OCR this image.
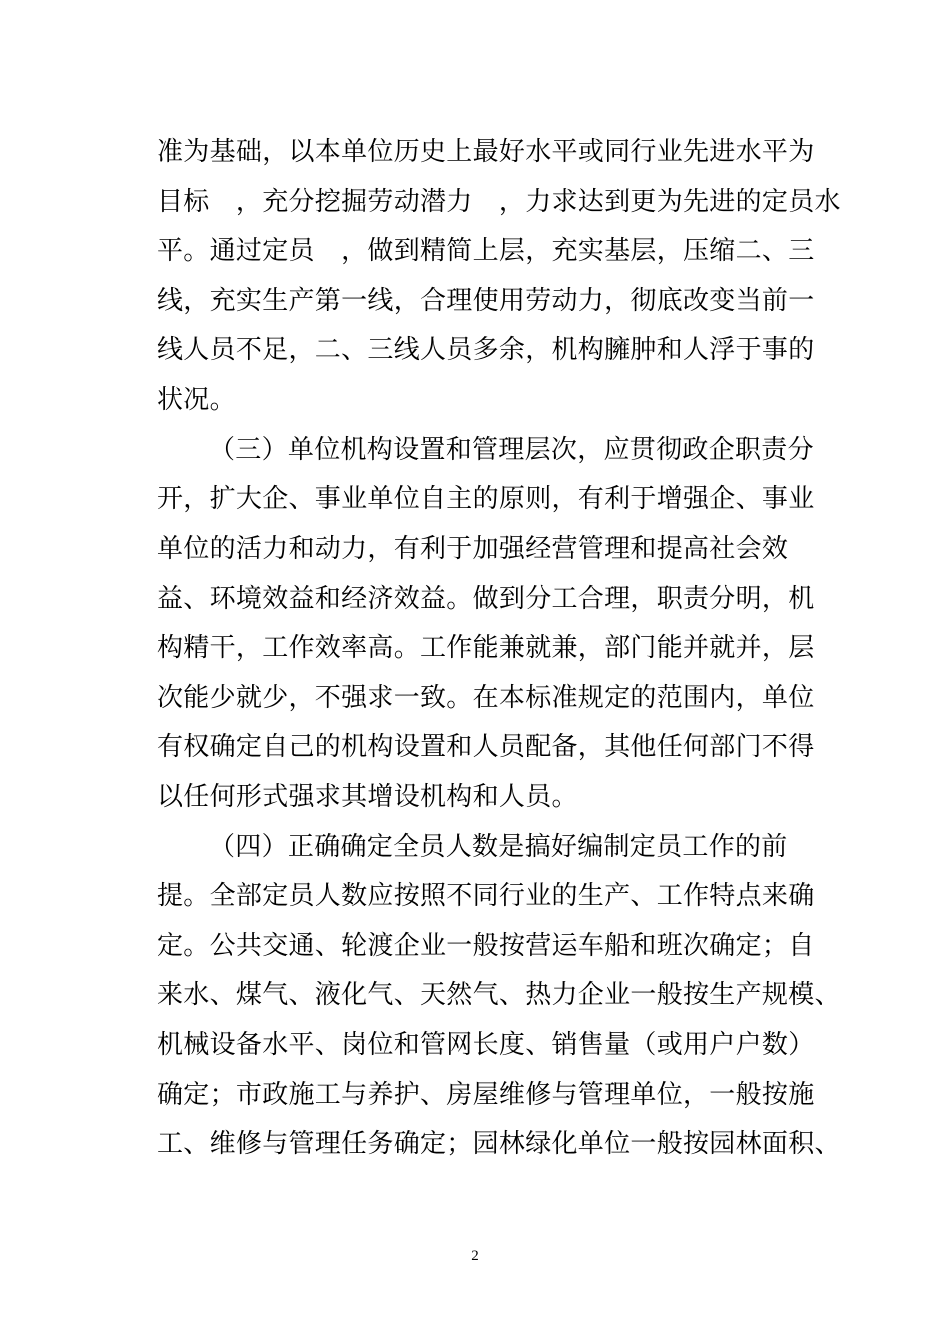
准为基础，以本单位历史上最好水平或同行业先进水平为
目标　，充分挖掘劳动潜力　，力求达到更为先进的定员水
平。通过定员　，做到精简上层，充实基层，压缩二、三
线，充实生产第一线，合理使用劳动力，彻底改变当前一
线人员不足，二、三线人员多余，机构臃肿和人浮于事的
状况。
（三）单位机构设置和管理层次，应贯彻政企职责分
开，扩大企、事业单位自主的原则，有利于增强企、事业
单位的活力和动力，有利于加强经营管理和提高社会效
益、环境效益和经济效益。做到分工合理，职责分明，机
构精干，工作效率高。工作能兼就兼，部门能并就并，层
次能少就少，不强求一致。在本标准规定的范围内，单位
有权确定自己的机构设置和人员配备，其他任何部门不得
以任何形式强求其增设机构和人员。
（四）正确确定全员人数是搞好编制定员工作的前
提。全部定员人数应按照不同行业的生产、工作特点来确
定。公共交通、轮渡企业一般按营运车船和班次确定；自
来水、煤气、液化气、天然气、热力企业一般按生产规模、
机械设备水平、岗位和管网长度、销售量（或用户户数）
确定；市政施工与养护、房屋维修与管理单位，一般按施
工、维修与管理任务确定；园林绿化单位一般按园林面积、
2
